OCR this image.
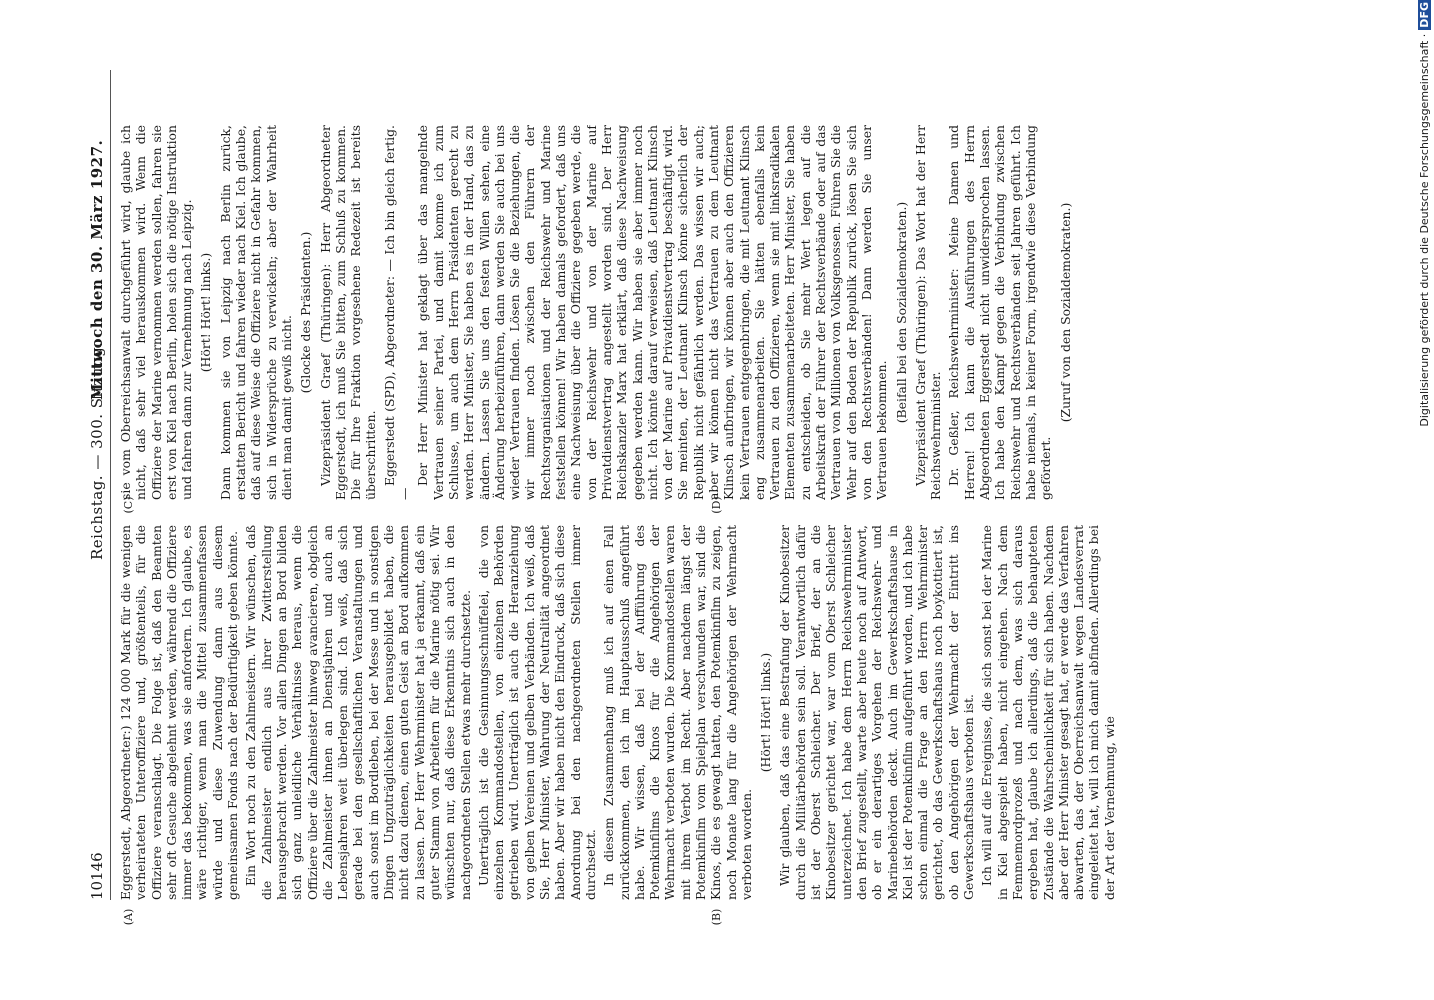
10146
Reichstag. — 300. Sitzung.
Mittwoch den 30. März 1927.
(A)	(B)
(C)	(D)

Eggerstedt, Abgeordneter:) 124 000 Mark für die wenigen verheirateten Unteroffiziere und, größtenteils, für die Offiziere veranschlagt. Die Folge ist, daß den Beamten sehr oft Gesuche abgelehnt werden, während die Offiziere immer das bekommen, was sie anfordern. Ich glaube, es wäre richtiger, wenn man die Mittel zusammenfassen würde und diese Zuwendung dann aus diesem gemeinsamen Fonds nach der Bedürftigkeit geben könnte. Ein Wort noch zu den Zahlmeistern. Wir wünschen, daß die Zahlmeister endlich aus ihrer Zwitterstellung herausgebracht werden. Vor allen Dingen an Bord bilden sich ganz unleidliche Verhältnisse heraus, wenn die Offiziere über die Zahlmeister hinweg avancieren, obgleich die Zahlmeister ihnen an Dienstjahren und auch an Lebensjahren weit überlegen sind. Ich weiß, daß sich gerade bei den gesellschaftlichen Veranstaltungen und auch sonst im Bordleben, bei der Messe und in sonstigen Dingen Ungzuträglichkeiten herausgebildet haben, die nicht dazu dienen, einen guten Geist an Bord aufkommen zu lassen. Der Herr Wehrminister hat ja erkannt, daß ein guter Stamm von Arbeitern für die Marine nötig sei. Wir wünschten nur, daß diese Erkenntnis sich auch in den nachgeordneten Stellen etwas mehr durchsetzte. Unerträglich ist die Gesinnungsschnüffelei, die von einzelnen Kommandostellen, von einzelnen Behörden getrieben wird. Unerträglich ist auch die Heranziehung von gelben Vereinen und gelben Verbänden. Ich weiß, daß Sie, Herr Minister, Wahrung der Neutralität angeordnet haben. Aber wir haben nicht den Eindruck, daß sich diese Anordnung bei den nachgeordneten Stellen immer durchsetzt. In diesem Zusammenhang muß ich auf einen Fall zurückkommen, den ich im Hauptausschuß angeführt habe. Wir wissen, daß bei der Aufführung des Potemkinfilms die Kinos für die Angehörigen der Wehrmacht verboten wurden. Die Kommandostellen waren mit ihrem Verbot im Recht. Aber nachdem längst der Potemkinfilm vom Spielplan verschwunden war, sind die Kinos, die es gewagt hatten, den Potemkinfilm zu zeigen, noch Monate lang für die Angehörigen der Wehrmacht verboten worden.

(Hört! Hört! links.) Wir glauben, daß das eine Bestrafung der Kinobesitzer durch die Militärbehörden sein soll. Verantwortlich dafür ist der Oberst Schleicher. Der Brief, der an die Kinobesitzer gerichtet war, war vom Oberst Schleicher unterzeichnet. Ich habe dem Herrn Reichswehrminister den Brief zugestellt, warte aber heute noch auf Antwort, ob er ein derartiges Vorgehen der Reichswehr- und Marinebehörden deckt. Auch im Gewerkschaftshause in Kiel ist der Potemkinfilm aufgeführt worden, und ich habe schon einmal die Frage an den Herrn Wehrminister gerichtet, ob das Gewerkschaftshaus noch boykottiert ist, ob den Angehörigen der Wehrmacht der Eintritt ins Gewerkschaftshaus verboten ist. Ich will auf die Ereignisse, die sich sonst bei der Marine in Kiel abgespielt haben, nicht eingehen. Nach dem Femmemordprozeß und nach dem, was sich daraus ergeben hat, glaube ich allerdings, daß die behaupteten Zustände die Wahrscheinlichkeit für sich haben. Nachdem aber der Herr Minister gesagt hat, er werde das Verfahren abwarten, das der Oberreichsanwalt wegen Landesverrat eingeleitet hat, will ich mich damit abfinden. Allerdings bei der Art der Vernehmung, wie

sie vom Oberreichsanwalt durchgeführt wird, glaube ich nicht, daß sehr viel herauskommen wird. Wenn die Offiziere der Marine vernommen werden sollen, fahren sie erst von Kiel nach Berlin, holen sich die nötige Instruktion und fahren dann zur Vernehmung nach Leipzig. (Hört! Hört! links.) Dann kommen sie von Leipzig nach Berlin zurück, erstatten Bericht und fahren wieder nach Kiel. Ich glaube, daß auf diese Weise die Offiziere nicht in Gefahr kommen, sich in Widersprüche zu verwickeln; aber der Wahrheit dient man damit gewiß nicht.

(Glocke des Präsidenten.) Vizepräsident Graef (Thüringen): Herr Abgeordneter Eggerstedt, ich muß Sie bitten, zum Schluß zu kommen. Die für Ihre Fraktion vorgesehene Redezeit ist bereits überschritten. Eggerstedt (SPD), Abgeordneter: — Ich bin gleich fertig. —

Der Herr Minister hat geklagt über das mangelnde Vertrauen seiner Partei, und damit komme ich zum Schlusse, um auch dem Herrn Präsidenten gerecht zu werden. Herr Minister, Sie haben es in der Hand, das zu ändern. Lassen Sie uns den festen Willen sehen, eine Änderung herbeizuführen, dann werden Sie auch bei uns wieder Vertrauen finden. Lösen Sie die Beziehungen, die wir immer noch zwischen den Führern der Rechtsorganisationen und der Reichswehr und Marine feststellen können! Wir haben damals gefordert, daß uns eine Nachweisung über die Offiziere gegeben werde, die von der Reichswehr und von der Marine auf Privatdienstvertrag angestellt worden sind. Der Herr Reichskanzler Marx hat erklärt, daß diese Nachweisung gegeben werden kann. Wir haben sie aber immer noch nicht. Ich könnte darauf verweisen, daß Leutnant Klinsch von der Marine auf Privatdienstvertrag beschäftigt wird. Sie meinten, der Leutnant Klinsch könne sicherlich der Republik nicht gefährlich werden. Das wissen wir auch; aber wir können nicht das Vertrauen zu dem Leutnant Klinsch aufbringen, wir können aber auch den Offizieren kein Vertrauen entgegenbringen, die mit Leutnant Klinsch eng zusammenarbeiten. Sie hätten ebenfalls kein Vertrauen zu den Offizieren, wenn sie mit linksradikalen Elementen zusammenarbeiteten. Herr Minister, Sie haben zu entscheiden, ob Sie mehr Wert legen auf die Arbeitskraft der Führer der Rechtsverbände oder auf das Vertrauen von Millionen von Volksgenossen. Führen Sie die Wehr auf den Boden der Republik zurück, lösen Sie sich von den Rechtsverbänden! Dann werden Sie unser Vertrauen bekommen.

(Beifall bei den Sozialdemokraten.) Vizepräsident Graef (Thüringen): Das Wort hat der Herr Reichswehrminister. Dr. Geßler, Reichswehrminister: Meine Damen und Herren! Ich kann die Ausführungen des Herrn Abgeordneten Eggerstedt nicht unwidersprochen lassen. Ich habe den Kampf gegen die Verbindung zwischen Reichswehr und Rechtsverbänden seit Jahren geführt. Ich habe niemals, in keiner Form, irgendwie diese Verbindung gefördert.

(Zuruf von den Sozialdemokraten.)	Digitalisierung gefördert durch die Deutsche Forschungsgemeinschaft ·DFG
